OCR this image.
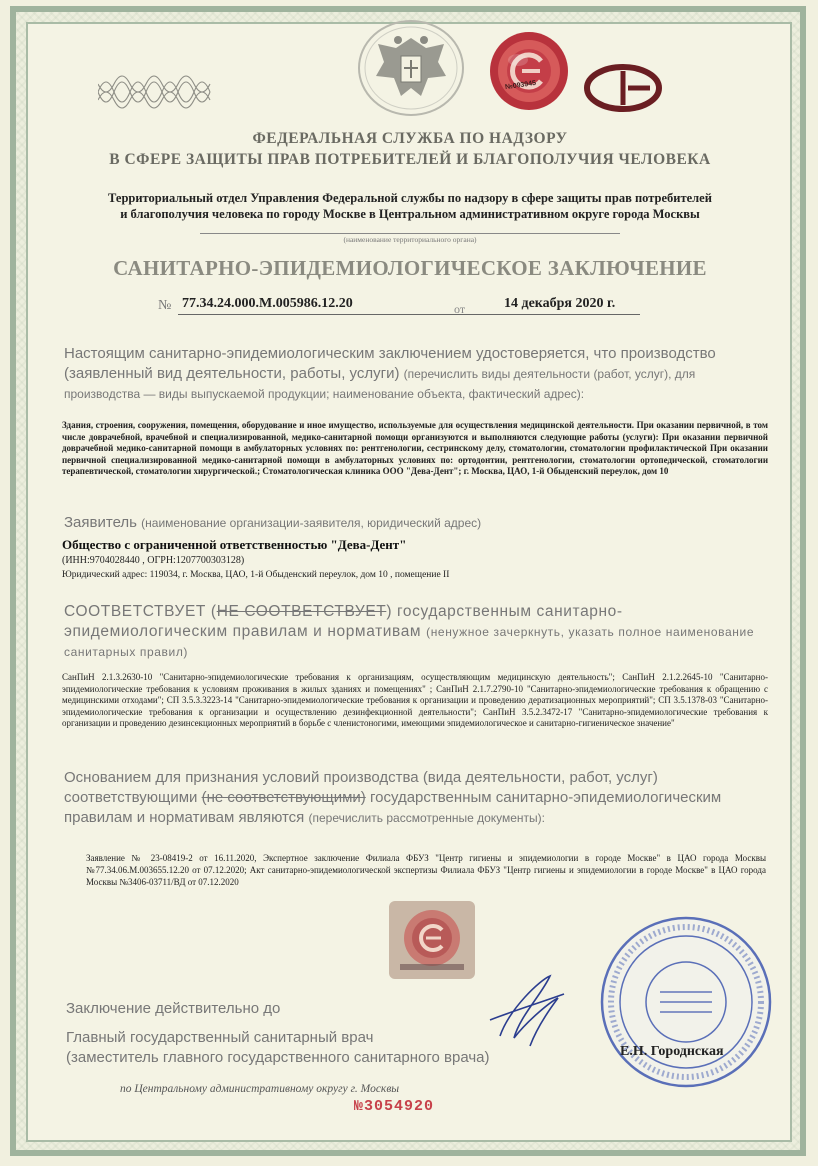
№093945
ФЕДЕРАЛЬНАЯ СЛУЖБА ПО НАДЗОРУ
В СФЕРЕ ЗАЩИТЫ ПРАВ ПОТРЕБИТЕЛЕЙ И БЛАГОПОЛУЧИЯ ЧЕЛОВЕКА
Территориальный отдел Управления Федеральной службы по надзору в сфере защиты прав потребителей
и благополучия человека по городу Москве в Центральном административном округе города Москвы
(наименование территориального органа)
САНИТАРНО-ЭПИДЕМИОЛОГИЧЕСКОЕ ЗАКЛЮЧЕНИЕ
№ 77.34.24.000.М.005986.12.20	от	14 декабря 2020 г.
Настоящим санитарно-эпидемиологическим заключением удостоверяется, что производство (заявленный вид деятельности, работы, услуги) (перечислить виды деятельности (работ, услуг), для производства — виды выпускаемой продукции; наименование объекта, фактический адрес):
Здания, строения, сооружения, помещения, оборудование и иное имущество, используемые для осуществления медицинской деятельности. При оказании первичной, в том числе доврачебной, врачебной и специализированной, медико-санитарной помощи организуются и выполняются следующие работы (услуги): При оказании первичной доврачебной медико-санитарной помощи в амбулаторных условиях по: рентгенологии, сестринскому делу, стоматологии, стоматологии профилактической При оказании первичной специализированной медико-санитарной помощи в амбулаторных условиях по: ортодонтии, рентгенологии, стоматологии ортопедической, стоматологии терапевтической, стоматологии хирургической.; Стоматологическая клиника ООО "Дева-Дент"; г. Москва, ЦАО, 1-й Обыденский переулок, дом 10
Заявитель (наименование организации-заявителя, юридический адрес)
Общество с ограниченной ответственностью "Дева-Дент"
(ИНН:9704028440 , ОГРН:1207700303128)
Юридический адрес: 119034, г. Москва, ЦАО, 1-й Обыденский переулок, дом 10 , помещение II
СООТВЕТСТВУЕТ (НЕ СООТВЕТСТВУЕТ) государственным санитарно-эпидемиологическим правилам и нормативам (ненужное зачеркнуть, указать полное наименование санитарных правил)
СанПиН 2.1.3.2630-10 "Санитарно-эпидемиологические требования к организациям, осуществляющим медицинскую деятельность"; СанПиН 2.1.2.2645-10 "Санитарно-эпидемиологические требования к условиям проживания в жилых зданиях и помещениях" ; СанПиН 2.1.7.2790-10 "Санитарно-эпидемиологические требования к обращению с медицинскими отходами"; СП 3.5.3.3223-14 "Санитарно-эпидемиологические требования к организации и проведению дератизационных мероприятий"; СП 3.5.1378-03 "Санитарно-эпидемиологические требования к организации и осуществлению дезинфекционной деятельности"; СанПиН 3.5.2.3472-17 "Санитарно-эпидемиологические требования к организации и проведению дезинсекционных мероприятий в борьбе с членистоногими, имеющими эпидемиологическое и санитарно-гигиеническое значение"
Основанием для признания условий производства (вида деятельности, работ, услуг) соответствующими (не соответствующими) государственным санитарно-эпидемиологическим правилам и нормативам являются (перечислить рассмотренные документы):
Заявление № 23-08419-2 от 16.11.2020, Экспертное заключение Филиала ФБУЗ "Центр гигиены и эпидемиологии в городе Москве" в ЦАО города Москвы №77.34.06.М.003655.12.20 от 07.12.2020; Акт санитарно-эпидемиологической экспертизы Филиала ФБУЗ "Центр гигиены и эпидемиологии в городе Москве" в ЦАО города Москвы №3406-03711/ВД от 07.12.2020
Заключение действительно до
Главный государственный санитарный врач
(заместитель главного государственного санитарного врача)
по Центральному административному округу г. Москвы
№3054920
Е.Н. Городнская
